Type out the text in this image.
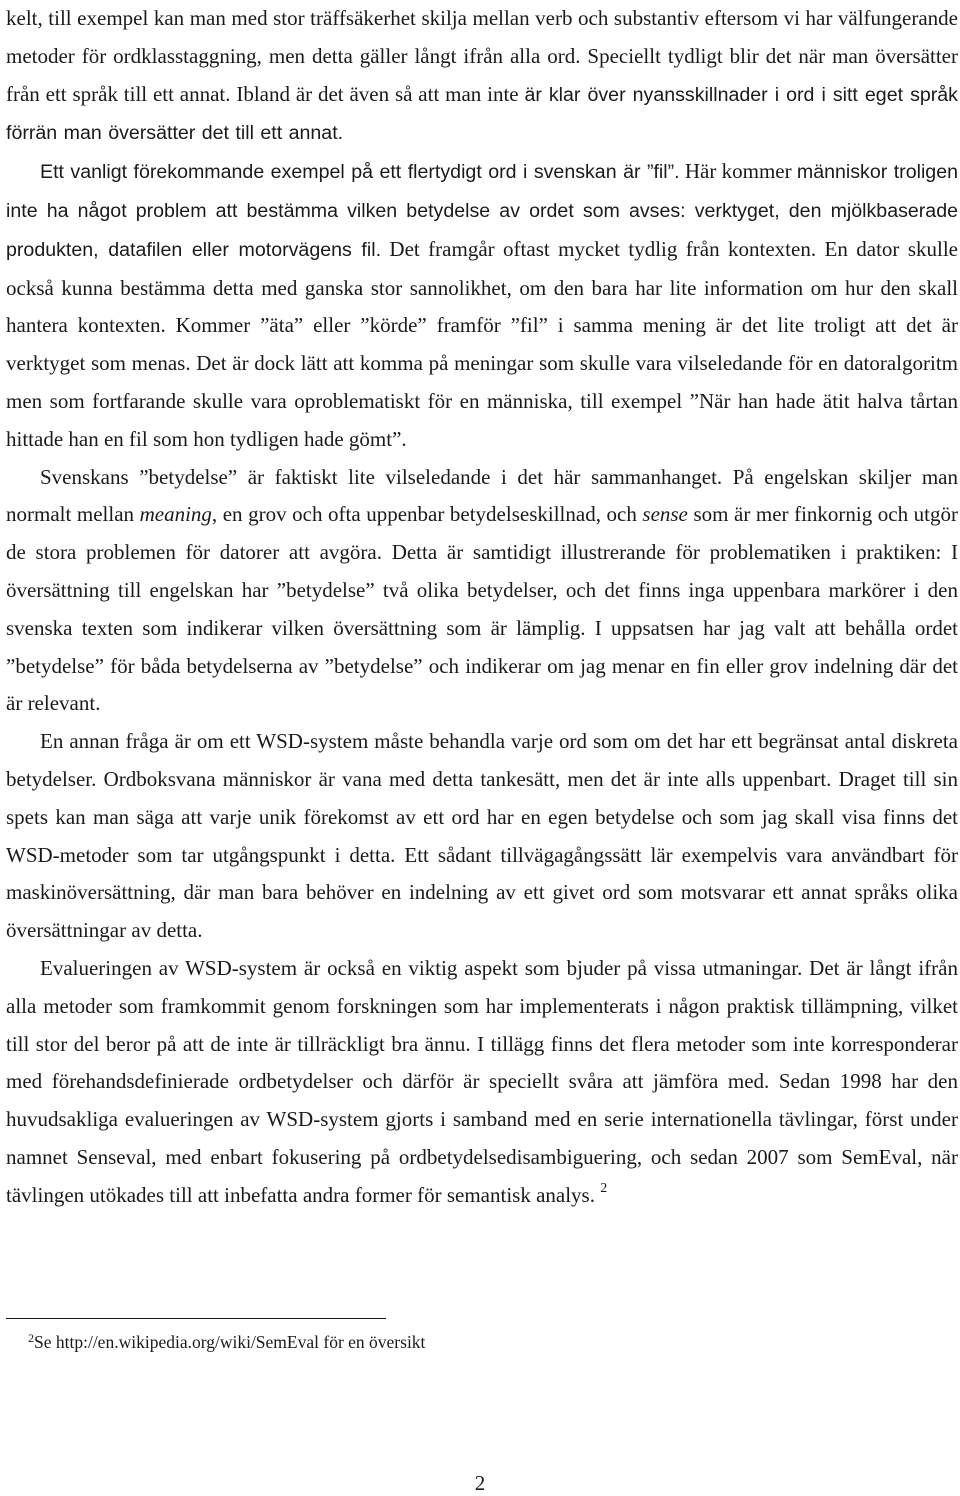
kelt, till exempel kan man med stor träffsäkerhet skilja mellan verb och substantiv eftersom vi har välfungerande metoder för ordklasstaggning, men detta gäller långt ifrån alla ord. Speciellt tydligt blir det när man översätter från ett språk till ett annat. Ibland är det även så att man inte är klar över nyansskillnader i ord i sitt eget språk förrän man översätter det till ett annat.

Ett vanligt förekommande exempel på ett flertydigt ord i svenskan är ”fil”. Här kommer människor troligen inte ha något problem att bestämma vilken betydelse av ordet som avses: verktyget, den mjölkbaserade produkten, datafilen eller motorvägens fil. Det framgår oftast mycket tydlig från kontexten. En dator skulle också kunna bestämma detta med ganska stor sannolikhet, om den bara har lite information om hur den skall hantera kontexten. Kommer ”äta” eller ”körde” framför ”fil” i samma mening är det lite troligt att det är verktyget som menas. Det är dock lätt att komma på meningar som skulle vara vilseledande för en datoralgoritm men som fortfarande skulle vara oproblematiskt för en människa, till exempel ”När han hade ätit halva tårtan hittade han en fil som hon tydligen hade gömt”.

Svenskans ”betydelse” är faktiskt lite vilseledande i det här sammanhanget. På engelskan skiljer man normalt mellan meaning, en grov och ofta uppenbar betydelseskillnad, och sense som är mer finkornig och utgör de stora problemen för datorer att avgöra. Detta är samtidigt illustrerande för problematiken i praktiken: I översättning till engelskan har ”betydelse” två olika betydelser, och det finns inga uppenbara markörer i den svenska texten som indikerar vilken översättning som är lämplig. I uppsatsen har jag valt att behålla ordet ”betydelse” för båda betydelserna av ”betydelse” och indikerar om jag menar en fin eller grov indelning där det är relevant.

En annan fråga är om ett WSD-system måste behandla varje ord som om det har ett begränsat antal diskreta betydelser. Ordboksvana människor är vana med detta tankesätt, men det är inte alls uppenbart. Draget till sin spets kan man säga att varje unik förekomst av ett ord har en egen betydelse och som jag skall visa finns det WSD-metoder som tar utgångspunkt i detta. Ett sådant tillvägagångssätt lär exempelvis vara användbart för maskinöversättning, där man bara behöver en indelning av ett givet ord som motsvarar ett annat språks olika översättningar av detta.

Evalueringen av WSD-system är också en viktig aspekt som bjuder på vissa utmaningar. Det är långt ifrån alla metoder som framkommit genom forskningen som har implementerats i någon praktisk tillämpning, vilket till stor del beror på att de inte är tillräckligt bra ännu. I tillägg finns det flera metoder som inte korresponderar med förehandsdefinierade ordbetydelser och därför är speciellt svåra att jämföra med. Sedan 1998 har den huvudsakliga evalueringen av WSD-system gjorts i samband med en serie internationella tävlingar, först under namnet Senseval, med enbart fokusering på ordbetydelsedisambiguering, och sedan 2007 som SemEval, när tävlingen utökades till att inbefatta andra former för semantisk analys. $^2$

$^2$Se http://en.wikipedia.org/wiki/SemEval för en översikt
2
